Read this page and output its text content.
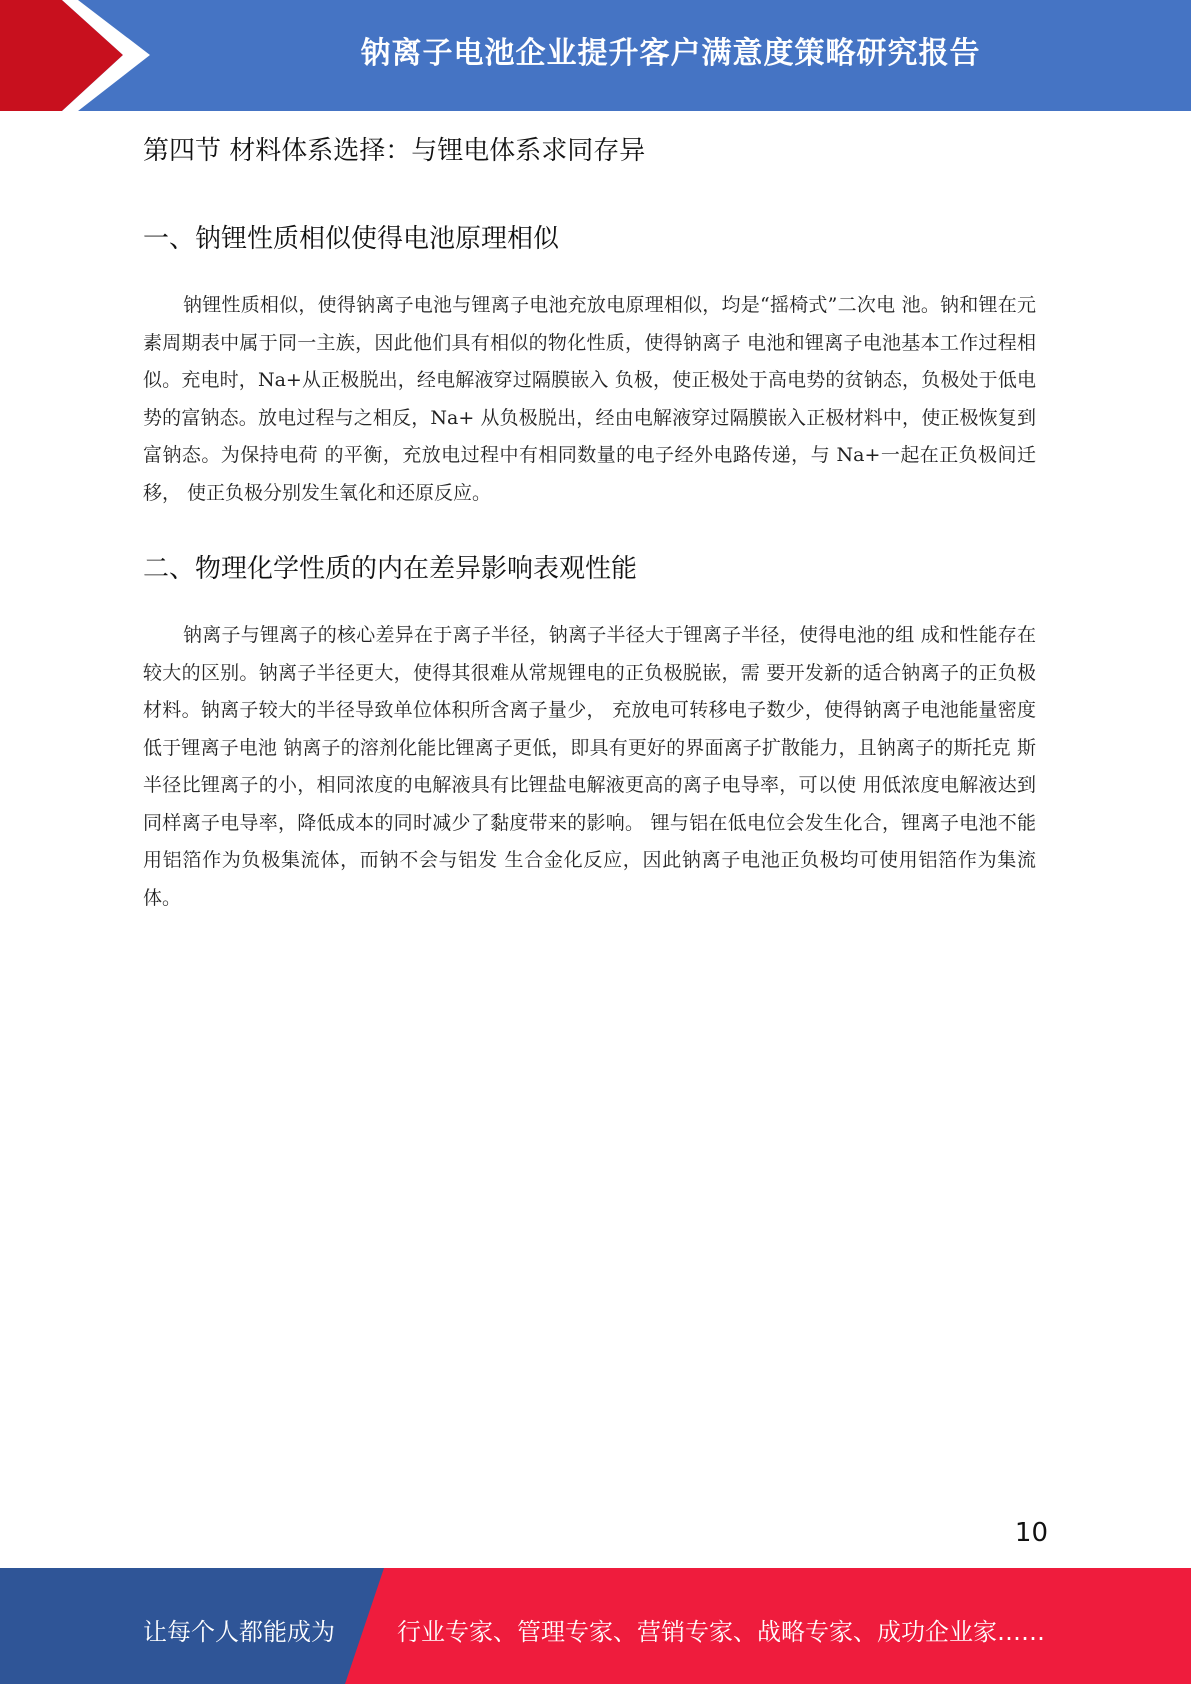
钠离子电池企业提升客户满意度策略研究报告
第四节 材料体系选择：与锂电体系求同存异
一、钠锂性质相似使得电池原理相似
钠锂性质相似，使得钠离子电池与锂离子电池充放电原理相似，均是“摇椅式”二次电 池。钠和锂在元素周期表中属于同一主族，因此他们具有相似的物化性质，使得钠离子 电池和锂离子电池基本工作过程相似。充电时，Na+从正极脱出，经电解液穿过隔膜嵌入 负极，使正极处于高电势的贫钠态，负极处于低电势的富钠态。放电过程与之相反，Na+ 从负极脱出，经由电解液穿过隔膜嵌入正极材料中，使正极恢复到富钠态。为保持电荷 的平衡，充放电过程中有相同数量的电子经外电路传递，与 Na+一起在正负极间迁移， 使正负极分别发生氧化和还原反应。
二、物理化学性质的内在差异影响表观性能
钠离子与锂离子的核心差异在于离子半径，钠离子半径大于锂离子半径，使得电池的组 成和性能存在较大的区别。钠离子半径更大，使得其很难从常规锂电的正负极脱嵌，需 要开发新的适合钠离子的正负极材料。钠离子较大的半径导致单位体积所含离子量少， 充放电可转移电子数少，使得钠离子电池能量密度低于锂离子电池 钠离子的溶剂化能比锂离子更低，即具有更好的界面离子扩散能力，且钠离子的斯托克 斯半径比锂离子的小，相同浓度的电解液具有比锂盐电解液更高的离子电导率，可以使 用低浓度电解液达到同样离子电导率，降低成本的同时减少了黏度带来的影响。 锂与铝在低电位会发生化合，锂离子电池不能用铝箔作为负极集流体，而钠不会与铝发 生合金化反应，因此钠离子电池正负极均可使用铝箔作为集流体。
10
让每个人都能成为	行业专家、管理专家、营销专家、战略专家、成功企业家……
